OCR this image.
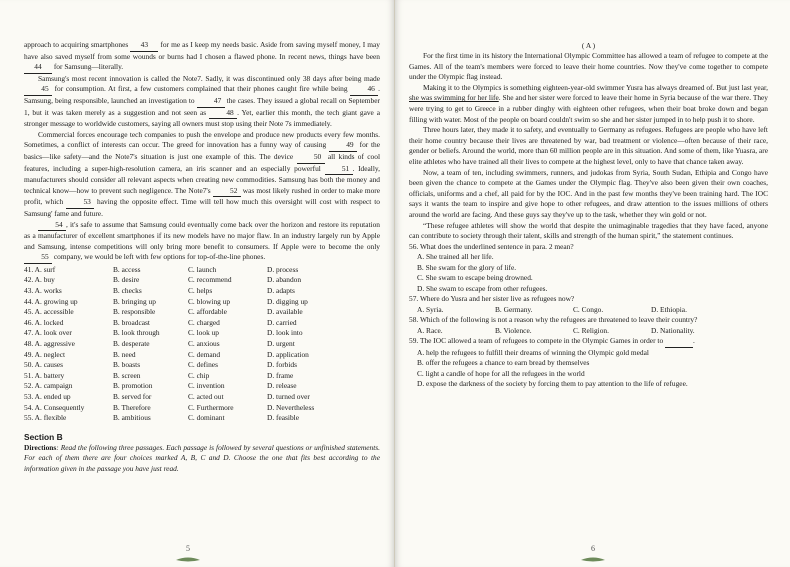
approach to acquiring smartphones 43 for me as I keep my needs basic. Aside from saving myself money, I may have also saved myself from some wounds or burns had I chosen a flawed phone. In recent news, things have been 44 for Samsung—literally.

Samsung's most recent innovation is called the Note7. Sadly, it was discontinued only 38 days after being made 45 for consumption. At first, a few customers complained that their phones caught fire while being 46 . Samsung, being responsible, launched an investigation to 47 the cases. They issued a global recall on September 1, but it was taken merely as a suggestion and not seen as 48 . Yet, earlier this month, the tech giant gave a stronger message to worldwide customers, saying all owners must stop using their Note 7s immediately.

Commercial forces encourage tech companies to push the envelope and produce new products every few months. Sometimes, a conflict of interests can occur. The greed for innovation has a funny way of causing 49 for the basics—like safety—and the Note7's situation is just one example of this. The device 50 all kinds of cool features, including a super-high-resolution camera, an iris scanner and an especially powerful 51 . Ideally, manufacturers should consider all relevant aspects when creating new commodities. Samsung has both the money and technical know—how to prevent such negligence. The Note7's 52 was most likely rushed in order to make more profit, which 53 having the opposite effect. Time will tell how much this oversight will cost with respect to Samsung' fame and future.

54 , it's safe to assume that Samsung could eventually come back over the horizon and restore its reputation as a manufacturer of excellent smartphones if its new models have no major flaw. In an industry largely run by Apple and Samsung, intense competitions will only bring more benefit to consumers. If Apple were to become the only 55 company, we would be left with few options for top-of-the-line phones.

41. A. surf	B. access	C. launch	D. process
42. A. buy	B. desire	C. recommend	D. abandon
43. A. works	B. checks	C. helps	D. adapts
44. A. growing up	B. bringing up	C. blowing up	D. digging up
45. A. accessible	B. responsible	C. affordable	D. available
46. A. locked	B. broadcast	C. charged	D. carried
47. A. look over	B. look through	C. look up	D. look into
48. A. aggressive	B. desperate	C. anxious	D. urgent
49. A. neglect	B. need	C. demand	D. application
50. A. causes	B. boasts	C. defines	D. forbids
51. A. battery	B. screen	C. chip	D. frame
52. A. campaign	B. promotion	C. invention	D. release
53. A. ended up	B. served for	C. acted out	D. turned over
54. A. Consequently	B. Therefore	C. Furthermore	D. Nevertheless
55. A. flexible	B. ambitious	C. dominant	D. feasible
Section B
Directions: Read the following three passages. Each passage is followed by several questions or unfinished statements. For each of them there are four choices marked A, B, C and D. Choose the one that fits best according to the information given in the passage you have just read.
5
( A )

For the first time in its history the International Olympic Committee has allowed a team of refugee to compete at the Games. All of the team's members were forced to leave their home countries. Now they've come together to compete under the Olympic flag instead.

Making it to the Olympics is something eighteen-year-old swimmer Yusra has always dreamed of. But just last year, she was swimming for her life. She and her sister were forced to leave their home in Syria because of the war there. They were trying to get to Greece in a rubber dinghy with eighteen other refugees, when their boat broke down and began filling with water. Most of the people on board couldn't swim so she and her sister jumped in to help push it to shore.

Three hours later, they made it to safety, and eventually to Germany as refugees. Refugees are people who have left their home country because their lives are threatened by war, bad treatment or violence—often because of their race, gender or beliefs. Around the world, more than 60 million people are in this situation. And some of them, like Yuasra, are elite athletes who have trained all their lives to compete at the highest level, only to have that chance taken away.

Now, a team of ten, including swimmers, runners, and judokas from Syria, South Sudan, Ethipia and Congo have been given the chance to compete at the Games under the Olympic flag. They've also been given their own coaches, officials, uniforms and a chef, all paid for by the IOC. And in the past few months they've been training hard. The IOC says it wants the team to inspire and give hope to other refugees, and draw attention to the issues millions of others around the world are facing. And these guys say they've up to the task, whether they win gold or not.

“These refugee athletes will show the world that despite the unimaginable tragedies that they have faced, anyone can contribute to society through their talent, skills and strength of the human spirit,” the statement continues.

56. What does the underlined sentence in para. 2 mean?
A. She trained all her life.
B. She swam for the glory of life.
C. She swam to escape being drowned.
D. She swam to escape from other refugees.
57. Where do Yusra and her sister live as refugees now?
A. Syria.	B. Germany.	C. Congo.	D. Ethiopia.
58. Which of the following is not a reason why the refugees are threatened to leave their country?
A. Race.	B. Violence.	C. Religion.	D. Nationality.
59. The IOC allowed a team of refugees to compete in the Olympic Games in order to	.
A. help the refugees to fulfill their dreams of winning the Olympic gold medal
B. offer the refugees a chance to earn bread by themselves
C. light a candle of hope for all the refugees in the world
D. expose the darkness of the society by forcing them to pay attention to the life of refugee.
6
